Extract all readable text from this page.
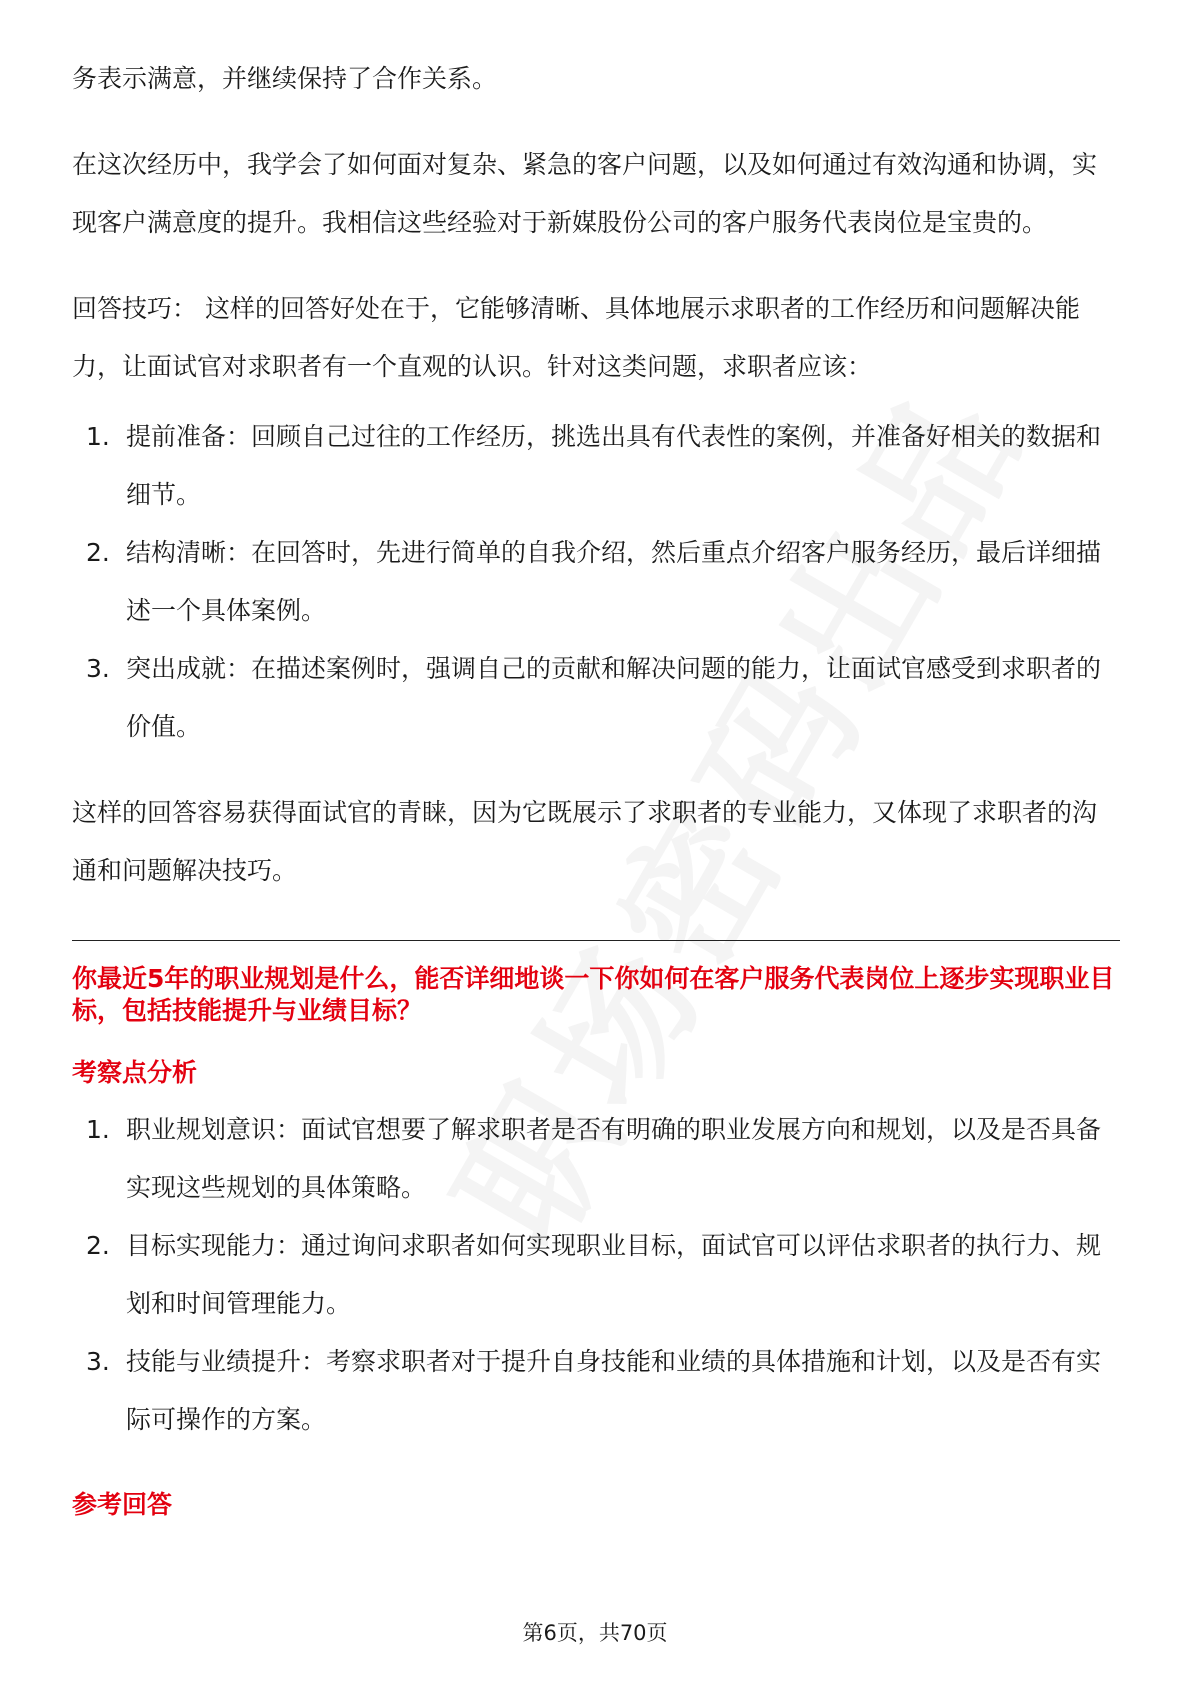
务表示满意，并继续保持了合作关系。

在这次经历中，我学会了如何面对复杂、紧急的客户问题，以及如何通过有效沟通和协调，实现客户满意度的提升。我相信这些经验对于新媒股份公司的客户服务代表岗位是宝贵的。

回答技巧： 这样的回答好处在于，它能够清晰、具体地展示求职者的工作经历和问题解决能力，让面试官对求职者有一个直观的认识。针对这类问题，求职者应该：

1. 提前准备：回顾自己过往的工作经历，挑选出具有代表性的案例，并准备好相关的数据和细节。
2. 结构清晰：在回答时，先进行简单的自我介绍，然后重点介绍客户服务经历，最后详细描述一个具体案例。
3. 突出成就：在描述案例时，强调自己的贡献和解决问题的能力，让面试官感受到求职者的价值。

这样的回答容易获得面试官的青睐，因为它既展示了求职者的专业能力，又体现了求职者的沟通和问题解决技巧。

你最近5年的职业规划是什么，能否详细地谈一下你如何在客户服务代表岗位上逐步实现职业目标，包括技能提升与业绩目标？

考察点分析

1. 职业规划意识：面试官想要了解求职者是否有明确的职业发展方向和规划，以及是否具备实现这些规划的具体策略。
2. 目标实现能力：通过询问求职者如何实现职业目标，面试官可以评估求职者的执行力、规划和时间管理能力。
3. 技能与业绩提升：考察求职者对于提升自身技能和业绩的具体措施和计划，以及是否有实际可操作的方案。

参考回答

第6页，共70页
